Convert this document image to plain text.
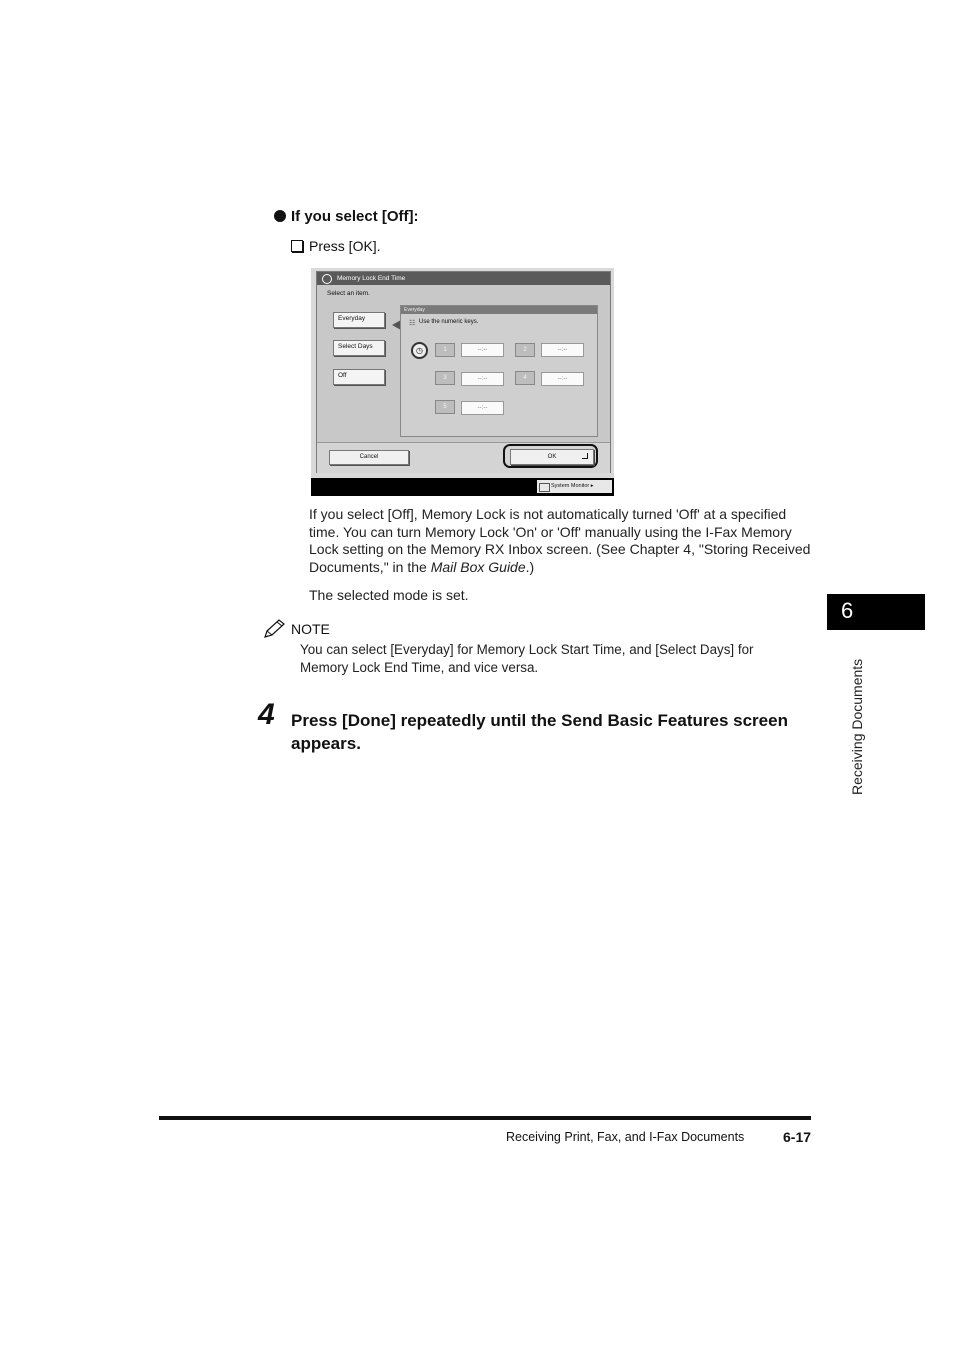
If you select [Off]:
Press [OK].
Memory Lock End Time
Select an item.
Everyday
Select Days
Off
Everyday
☷ Use the numeric keys.
◷	1	--:--	2	--:--
3	--:--	4	--:--
5	--:--
Cancel	OK
System Monitor ▸
If you select [Off], Memory Lock is not automatically turned 'Off' at a specified time. You can turn Memory Lock 'On' or 'Off' manually using the I-Fax Memory Lock setting on the Memory RX Inbox screen. (See Chapter 4, "Storing Received Documents," in the Mail Box Guide.)
The selected mode is set.
NOTE
You can select [Everyday] for Memory Lock Start Time, and [Select Days] for Memory Lock End Time, and vice versa.
4 Press [Done] repeatedly until the Send Basic Features screen appears.
6
Receiving Documents
Receiving Print, Fax, and I-Fax Documents	6-17
